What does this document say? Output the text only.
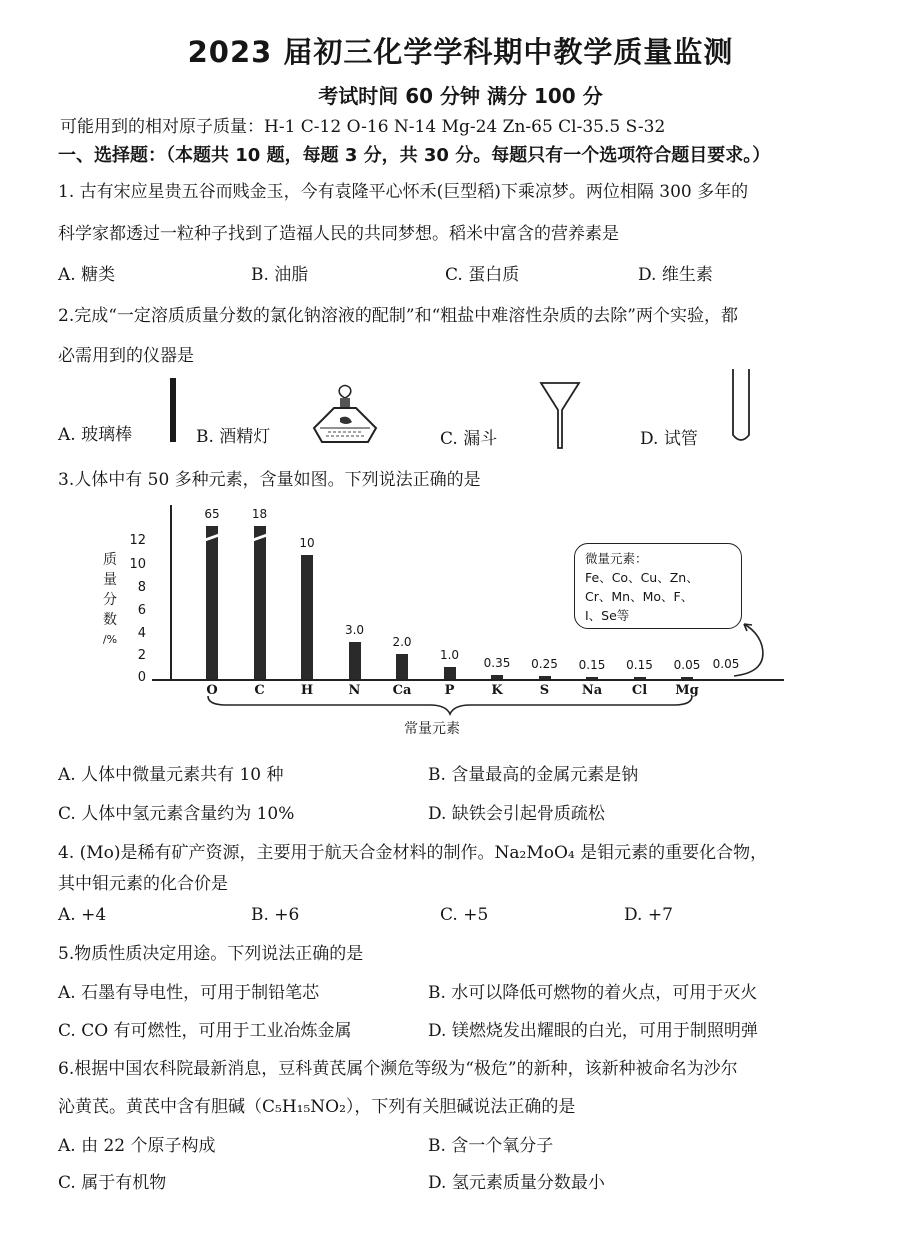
2023 届初三化学学科期中教学质量监测
考试时间 60 分钟 满分 100 分
可能用到的相对原子质量：H-1 C-12 O-16 N-14 Mg-24 Zn-65 Cl-35.5 S-32
一、选择题：（本题共 10 题，每题 3 分，共 30 分。每题只有一个选项符合题目要求。）
1. 古有宋应星贵五谷而贱金玉，今有袁隆平心怀禾(巨型稻)下乘凉梦。两位相隔 300 多年的
科学家都透过一粒种子找到了造福人民的共同梦想。稻米中富含的营养素是
A. 糖类	B. 油脂	C. 蛋白质	D. 维生素
2.完成“一定溶质质量分数的氯化钠溶液的配制”和“粗盐中难溶性杂质的去除”两个实验，都
必需用到的仪器是
A. 玻璃棒	B. 酒精灯	C. 漏斗	D. 试管
3.人体中有 50 多种元素，含量如图。下列说法正确的是
质
量
分
数
/%
12
10
8
6
4
2
0
65
O
18
C
10
H
3.0
N
2.0
Ca
1.0
P
0.35
K
0.25
S
0.15
Na
0.15
Cl
0.05
Mg
0.05
常量元素
微量元素：
Fe、Co、Cu、Zn、
Cr、Mn、Mo、F、
I、Se等
A. 人体中微量元素共有 10 种	B. 含量最高的金属元素是钠
C. 人体中氢元素含量约为 10%	D. 缺铁会引起骨质疏松
4. (Mo)是稀有矿产资源，主要用于航天合金材料的制作。Na₂MoO₄ 是钼元素的重要化合物，
其中钼元素的化合价是
A. +4	B. +6	C. +5	D. +7
5.物质性质决定用途。下列说法正确的是
A. 石墨有导电性，可用于制铅笔芯	B. 水可以降低可燃物的着火点，可用于灭火
C. CO 有可燃性，可用于工业冶炼金属	D. 镁燃烧发出耀眼的白光，可用于制照明弹
6.根据中国农科院最新消息，豆科黄芪属个濒危等级为“极危”的新种，该新种被命名为沙尔
沁黄芪。黄芪中含有胆碱（C₅H₁₅NO₂），下列有关胆碱说法正确的是
A. 由 22 个原子构成	B. 含一个氧分子
C. 属于有机物	D. 氢元素质量分数最小
